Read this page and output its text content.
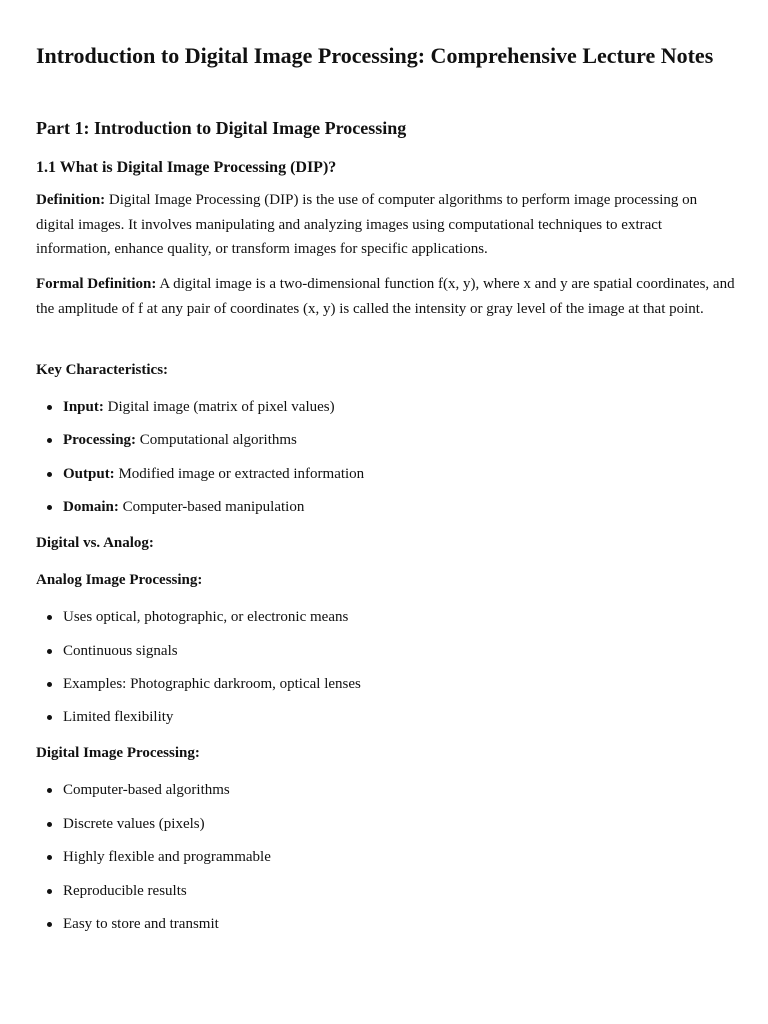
Introduction to Digital Image Processing: Comprehensive Lecture Notes
Part 1: Introduction to Digital Image Processing
1.1 What is Digital Image Processing (DIP)?

Definition: Digital Image Processing (DIP) is the use of computer algorithms to perform image processing on digital images. It involves manipulating and analyzing images using computational techniques to extract information, enhance quality, or transform images for specific applications.

Formal Definition: A digital image is a two-dimensional function f(x, y), where x and y are spatial coordinates, and the amplitude of f at any pair of coordinates (x, y) is called the intensity or gray level of the image at that point.

Key Characteristics:

Input: Digital image (matrix of pixel values)
Processing: Computational algorithms
Output: Modified image or extracted information
Domain: Computer-based manipulation

Digital vs. Analog:

Analog Image Processing:

Uses optical, photographic, or electronic means
Continuous signals
Examples: Photographic darkroom, optical lenses
Limited flexibility

Digital Image Processing:

Computer-based algorithms
Discrete values (pixels)
Highly flexible and programmable
Reproducible results
Easy to store and transmit
